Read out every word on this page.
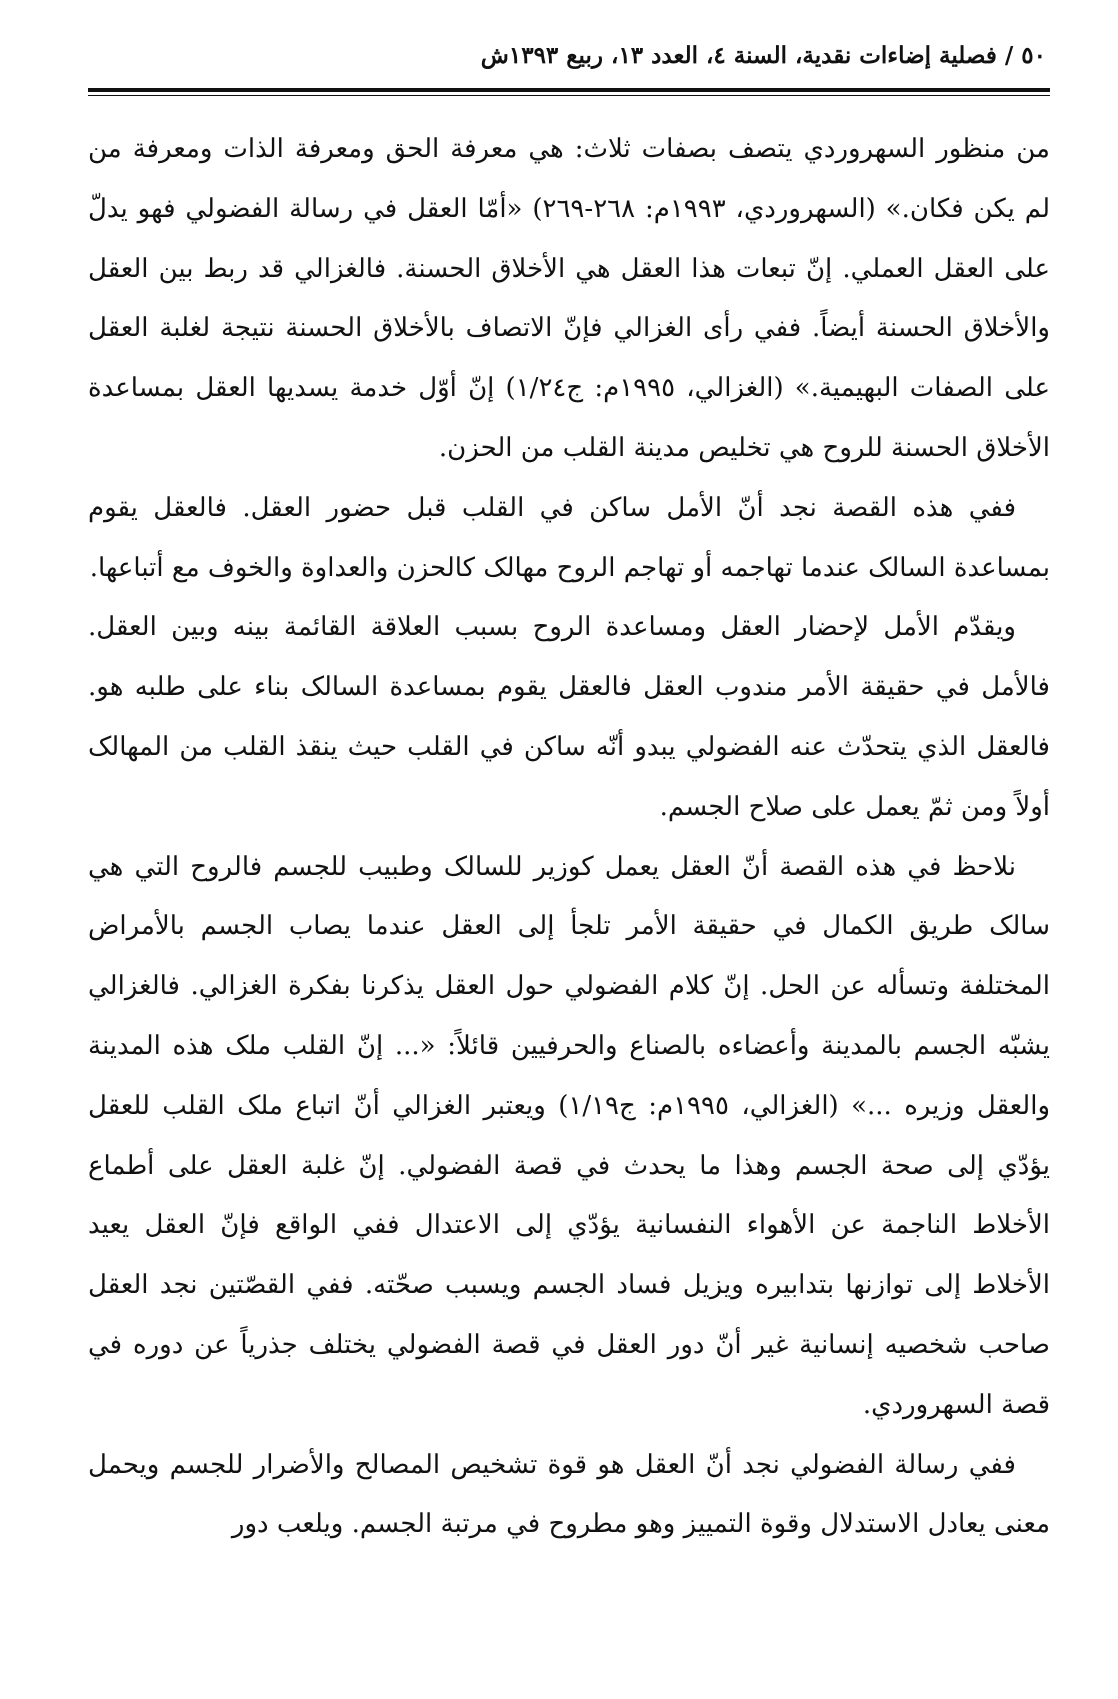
٥٠ / فصلية إضاءات نقدية، السنة ٤، العدد ١٣، ربيع ١٣٩٣ش

من منظور السهروردي يتصف بصفات ثلاث: هي معرفة الحق ومعرفة الذات ومعرفة من لم يكن فكان.» (السهروردي، ١٩٩٣م: ٢٦٨-٢٦٩) «أمّا العقل في رسالة الفضولي فهو يدلّ على العقل العملي. إنّ تبعات هذا العقل هي الأخلاق الحسنة. فالغزالي قد ربط بين العقل والأخلاق الحسنة أيضاً. ففي رأى الغزالي فإنّ الاتصاف بالأخلاق الحسنة نتيجة لغلبة العقل على الصفات البهيمية.» (الغزالي، ١٩٩٥م: ج١/٢٤) إنّ أوّل خدمة يسديها العقل بمساعدة الأخلاق الحسنة للروح هي تخليص مدينة القلب من الحزن.

ففي هذه القصة نجد أنّ الأمل ساكن في القلب قبل حضور العقل. فالعقل يقوم بمساعدة السالک عندما تهاجمه أو تهاجم الروح مهالک کالحزن والعداوة والخوف مع أتباعها.

ويقدّم الأمل لإحضار العقل ومساعدة الروح بسبب العلاقة القائمة بينه وبين العقل. فالأمل في حقيقة الأمر مندوب العقل فالعقل يقوم بمساعدة السالک بناء على طلبه هو. فالعقل الذي يتحدّث عنه الفضولي يبدو أنّه ساكن في القلب حيث ينقذ القلب من المهالک أولاً ومن ثمّ يعمل على صلاح الجسم.

نلاحظ في هذه القصة أنّ العقل يعمل كوزير للسالک وطبيب للجسم فالروح التي هي سالک طريق الكمال في حقيقة الأمر تلجأ إلى العقل عندما يصاب الجسم بالأمراض المختلفة وتسأله عن الحل. إنّ كلام الفضولي حول العقل يذكرنا بفكرة الغزالي. فالغزالي يشبّه الجسم بالمدينة وأعضاءه بالصناع والحرفيين قائلاً: «... إنّ القلب ملک هذه المدينة والعقل وزيره ...» (الغزالي، ١٩٩٥م: ج١/١٩) ويعتبر الغزالي أنّ اتباع ملک القلب للعقل يؤدّي إلى صحة الجسم وهذا ما يحدث في قصة الفضولي. إنّ غلبة العقل على أطماع الأخلاط الناجمة عن الأهواء النفسانية يؤدّي إلى الاعتدال ففي الواقع فإنّ العقل يعيد الأخلاط إلى توازنها بتدابيره ويزيل فساد الجسم ويسبب صحّته. ففي القصّتين نجد العقل صاحب شخصيه إنسانية غير أنّ دور العقل في قصة الفضولي يختلف جذرياً عن دوره في قصة السهروردي.

ففي رسالة الفضولي نجد أنّ العقل هو قوة تشخيص المصالح والأضرار للجسم ويحمل معنى يعادل الاستدلال وقوة التمييز وهو مطروح في مرتبة الجسم. ويلعب دور
